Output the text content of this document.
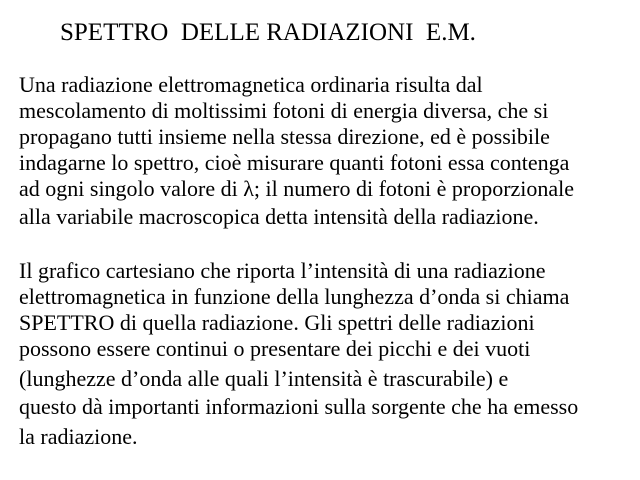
SPETTRO  DELLE RADIAZIONI  E.M.
Una radiazione elettromagnetica ordinaria risulta dal
mescolamento di moltissimi fotoni di energia diversa, che si
propagano tutti insieme nella stessa direzione, ed è possibile
indagarne lo spettro, cioè misurare quanti fotoni essa contenga
ad ogni singolo valore di λ; il numero di fotoni è proporzionale
alla variabile macroscopica detta intensità della radiazione.
Il grafico cartesiano che riporta l’intensità di una radiazione
elettromagnetica in funzione della lunghezza d’onda si chiama
SPETTRO di quella radiazione. Gli spettri delle radiazioni
possono essere continui o presentare dei picchi e dei vuoti
(lunghezze d’onda alle quali l’intensità è trascurabile) e
questo dà importanti informazioni sulla sorgente che ha emesso
la radiazione.
